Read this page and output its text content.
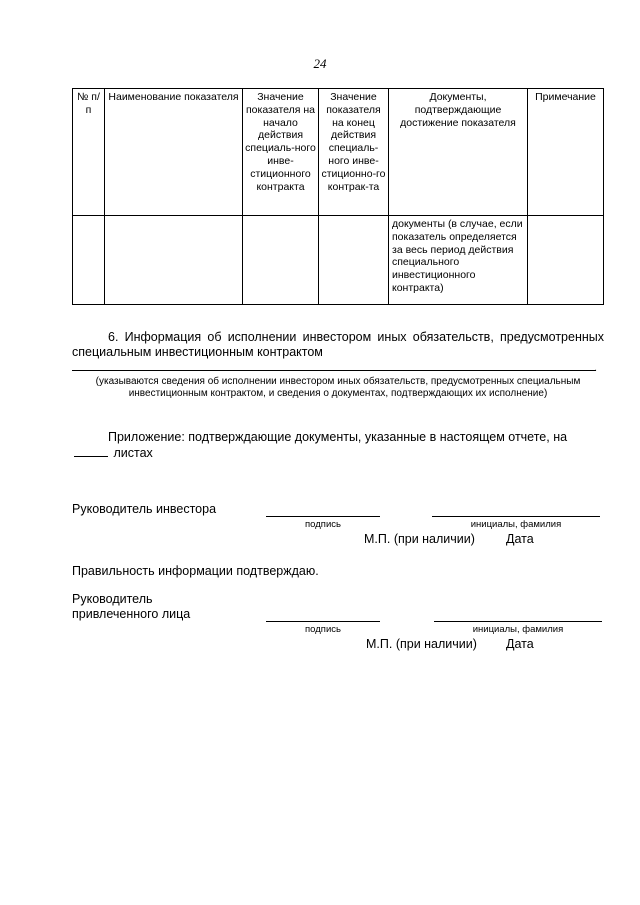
24
№ п/п	Наименование показателя	Значение показателя на начало действия специаль-ного инве-стиционного контракта	Значение показателя на конец действия специаль-ного инве-стиционно-го контрак-та	Документы, подтверждающие достижение показателя	Примечание
				документы (в случае, если показатель определяется за весь период действия специального инвестиционного контракта)	
6. Информация об исполнении инвестором иных обязательств, предусмотренных специальным инвестиционным контрактом
.
(указываются сведения об исполнении инвестором иных обязательств, предусмотренных специальным инвестиционным контрактом, и сведения о документах, подтверждающих их исполнение)
Приложение: подтверждающие документы, указанные в настоящем отчете, на  листах
Руководитель инвестора
подпись	инициалы, фамилия
М.П. (при наличии) Дата
Правильность информации подтверждаю.
Руководитель привлеченного лица
подпись	инициалы, фамилия
М.П. (при наличии) Дата
